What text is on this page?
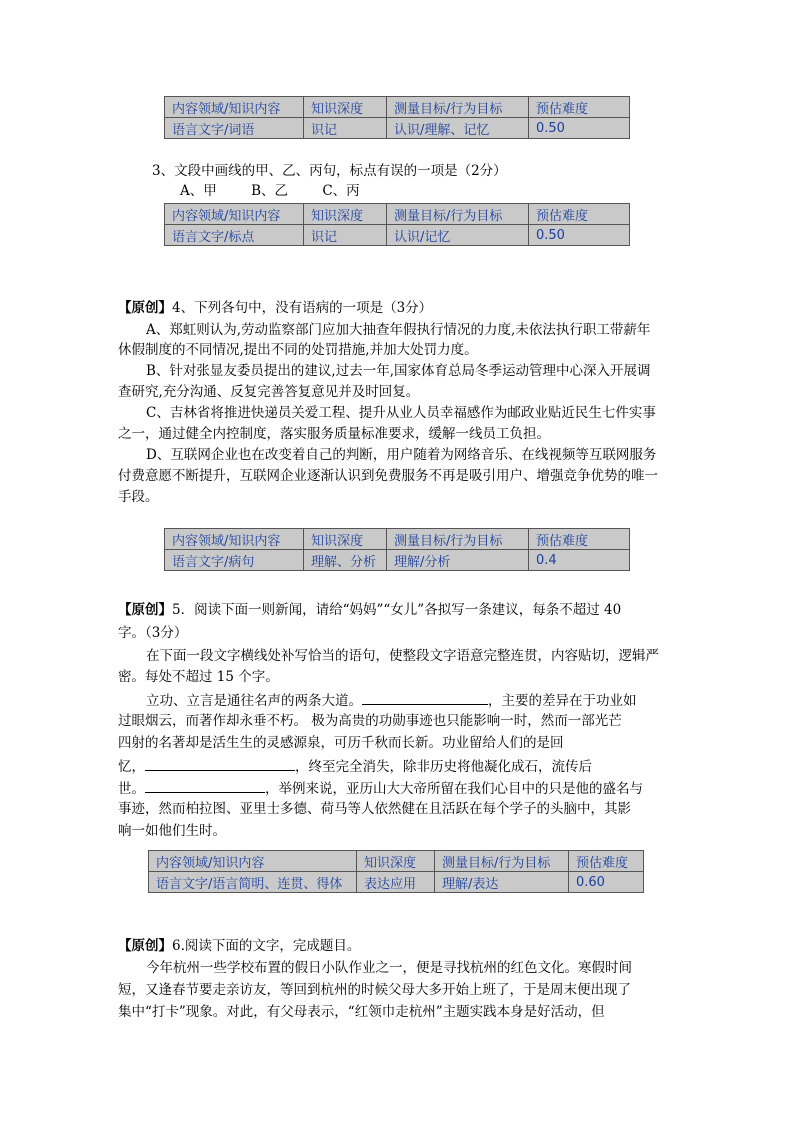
内容领域/知识内容	知识深度	测量目标/行为目标	预估难度
语言文字/词语	识记	认识/理解、记忆	0.50
3、文段中画线的甲、乙、丙句，标点有误的一项是（2分）
A、甲        B、乙        C、丙
内容领域/知识内容	知识深度	测量目标/行为目标	预估难度
语言文字/标点	识记	认识/记忆	0.50
【原创】4、下列各句中，没有语病的一项是（3分）
A、郑虹则认为,劳动监察部门应加大抽查年假执行情况的力度,未依法执行职工带薪年
休假制度的不同情况,提出不同的处罚措施,并加大处罚力度。
B、针对张显友委员提出的建议,过去一年,国家体育总局冬季运动管理中心深入开展调
查研究,充分沟通、反复完善答复意见并及时回复。
C、吉林省将推进快递员关爱工程、提升从业人员幸福感作为邮政业贴近民生七件实事
之一，通过健全内控制度，落实服务质量标准要求，缓解一线员工负担。
D、互联网企业也在改变着自己的判断，用户随着为网络音乐、在线视频等互联网服务
付费意愿不断提升，互联网企业逐渐认识到免费服务不再是吸引用户、增强竞争优势的唯一
手段。
内容领域/知识内容	知识深度	测量目标/行为目标	预估难度
语言文字/病句	理解、分析	理解/分析	0.4
【原创】5．阅读下面一则新闻，请给“妈妈”“女儿”各拟写一条建议，每条不超过 40
字。（3分）
在下面一段文字横线处补写恰当的语句，使整段文字语意完整连贯，内容贴切，逻辑严
密。每处不超过 15 个字。
立功、立言是通往名声的两条大道。	，主要的差异在于功业如
过眼烟云，而著作却永垂不朽。 极为高贵的功勋事迹也只能影响一时，然而一部光芒
四射的名著却是活生生的灵感源泉，可历千秋而长新。功业留给人们的是回
忆，	，终至完全消失，除非历史将他凝化成石，流传后
世。	，举例来说，亚历山大大帝所留在我们心目中的只是他的盛名与
事迹，然而柏拉图、亚里士多德、荷马等人依然健在且活跃在每个学子的头脑中，其影
响一如他们生时。
内容领域/知识内容	知识深度	测量目标/行为目标	预估难度
语言文字/语言简明、连贯、得体	表达应用	理解/表达	0.60
【原创】6.阅读下面的文字，完成题目。
今年杭州一些学校布置的假日小队作业之一，便是寻找杭州的红色文化。寒假时间
短，又逢春节要走亲访友，等回到杭州的时候父母大多开始上班了，于是周末便出现了
集中“打卡”现象。对此，有父母表示，“红领巾走杭州”主题实践本身是好活动，但
